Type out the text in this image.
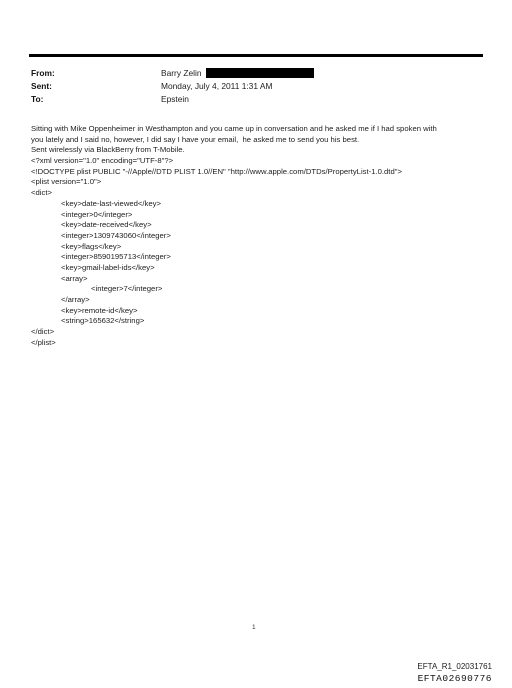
From:	Barry Zelin
Sent:	Monday, July 4, 2011 1:31 AM
To:	Epstein
Sitting with Mike Oppenheimer in Westhampton and you came up in conversation and he asked me if I had spoken with
you lately and I said no, however, I did say I have your email,  he asked me to send you his best.
Sent wirelessly via BlackBerry from T-Mobile.
<?xml version="1.0" encoding="UTF-8"?>
<!DOCTYPE plist PUBLIC "-//Apple//DTD PLIST 1.0//EN" "http://www.apple.com/DTDs/PropertyList-1.0.dtd">
<plist version="1.0">
<dict>
<key>date-last-viewed</key>
<integer>0</integer>
<key>date-received</key>
<integer>1309743060</integer>
<key>flags</key>
<integer>8590195713</integer>
<key>gmail-label-ids</key>
<array>
<integer>7</integer>
</array>
<key>remote-id</key>
<string>165632</string>
</dict>
</plist>
1
EFTA_R1_02031761
EFTA02690776
